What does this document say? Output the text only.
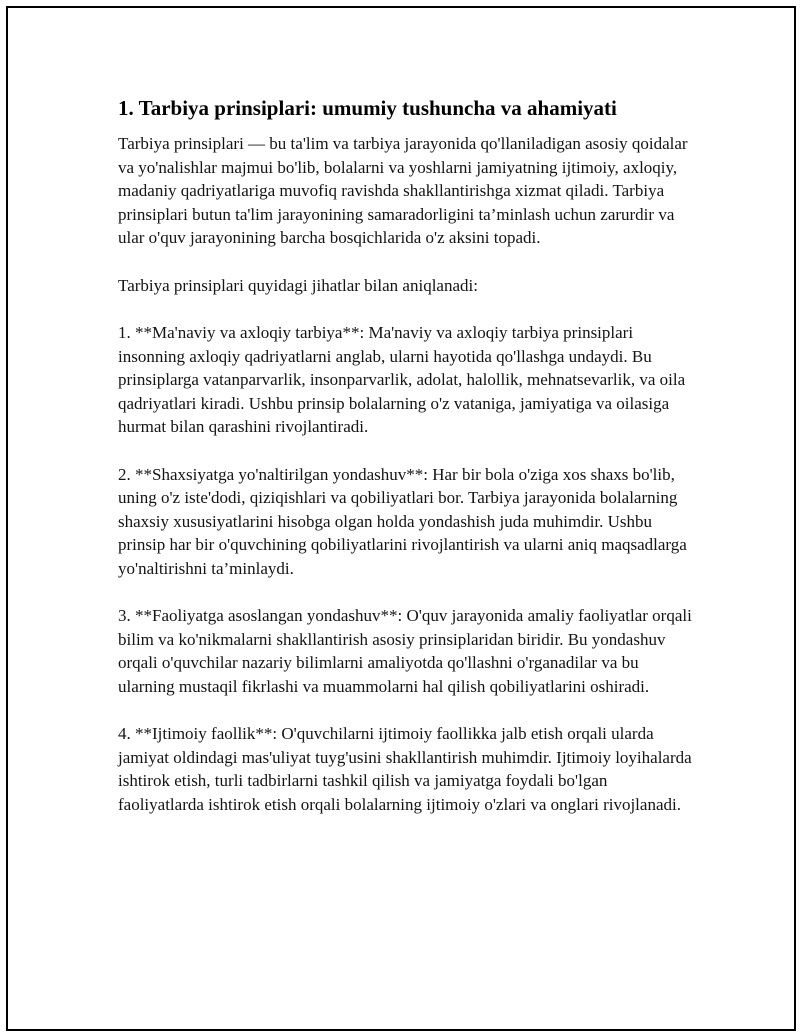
1. Tarbiya prinsiplari: umumiy tushuncha va ahamiyati

Tarbiya prinsiplari — bu ta'lim va tarbiya jarayonida qo'llaniladigan asosiy qoidalar va yo'nalishlar majmui bo'lib, bolalarni va yoshlarni jamiyatning ijtimoiy, axloqiy, madaniy qadriyatlariga muvofiq ravishda shakllantirishga xizmat qiladi. Tarbiya prinsiplari butun ta'lim jarayonining samaradorligini ta’minlash uchun zarurdir va ular o'quv jarayonining barcha bosqichlarida o'z aksini topadi.

Tarbiya prinsiplari quyidagi jihatlar bilan aniqlanadi:

1. **Ma'naviy va axloqiy tarbiya**: Ma'naviy va axloqiy tarbiya prinsiplari insonning axloqiy qadriyatlarni anglab, ularni hayotida qo'llashga undaydi. Bu prinsiplarga vatanparvarlik, insonparvarlik, adolat, halollik, mehnatsevarlik, va oila qadriyatlari kiradi. Ushbu prinsip bolalarning o'z vataniga, jamiyatiga va oilasiga hurmat bilan qarashini rivojlantiradi.

2. **Shaxsiyatga yo'naltirilgan yondashuv**: Har bir bola o'ziga xos shaxs bo'lib, uning o'z iste'dodi, qiziqishlari va qobiliyatlari bor. Tarbiya jarayonida bolalarning shaxsiy xususiyatlarini hisobga olgan holda yondashish juda muhimdir. Ushbu prinsip har bir o'quvchining qobiliyatlarini rivojlantirish va ularni aniq maqsadlarga yo'naltirishni ta’minlaydi.

3. **Faoliyatga asoslangan yondashuv**: O'quv jarayonida amaliy faoliyatlar orqali bilim va ko'nikmalarni shakllantirish asosiy prinsiplaridan biridir. Bu yondashuv orqali o'quvchilar nazariy bilimlarni amaliyotda qo'llashni o'rganadilar va bu ularning mustaqil fikrlashi va muammolarni hal qilish qobiliyatlarini oshiradi.

4. **Ijtimoiy faollik**: O'quvchilarni ijtimoiy faollikka jalb etish orqali ularda jamiyat oldindagi mas'uliyat tuyg'usini shakllantirish muhimdir. Ijtimoiy loyihalarda ishtirok etish, turli tadbirlarni tashkil qilish va jamiyatga foydali bo'lgan faoliyatlarda ishtirok etish orqali bolalarning ijtimoiy o'zlari va onglari rivojlanadi.
